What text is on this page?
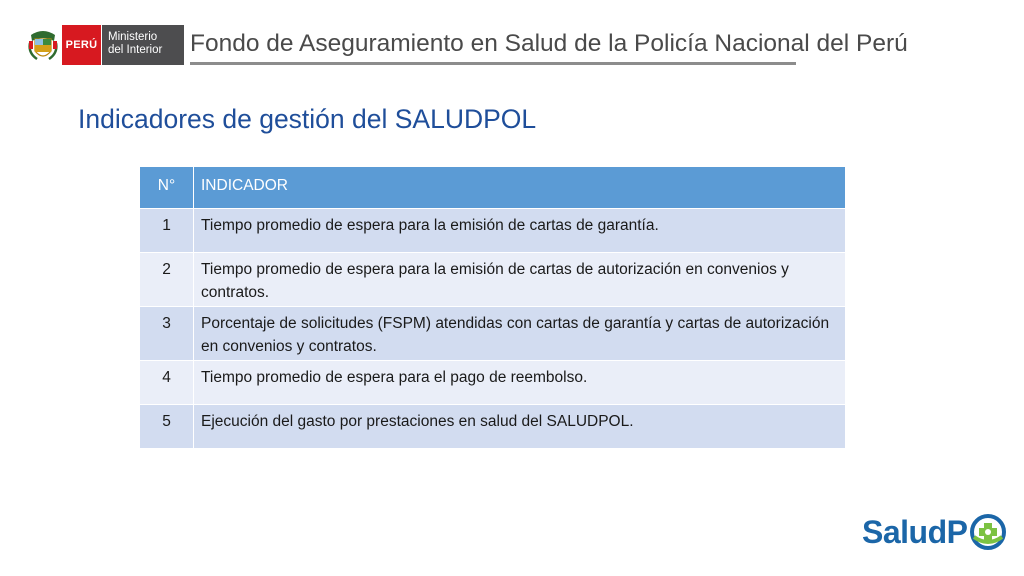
PERÚ
Ministerio
del Interior	Fondo de Aseguramiento en Salud de la Policía Nacional del Perú
Indicadores de gestión del SALUDPOL
N°	INDICADOR
1	Tiempo promedio de espera para la emisión de cartas de garantía.
2	Tiempo promedio de espera para la emisión de cartas de autorización en convenios y contratos.
3	Porcentaje de solicitudes (FSPM) atendidas con cartas de garantía y cartas de autorización en convenios y contratos.
4	Tiempo promedio de espera para el pago de reembolso.
5	Ejecución del gasto por prestaciones en salud del SALUDPOL.
SaludP
